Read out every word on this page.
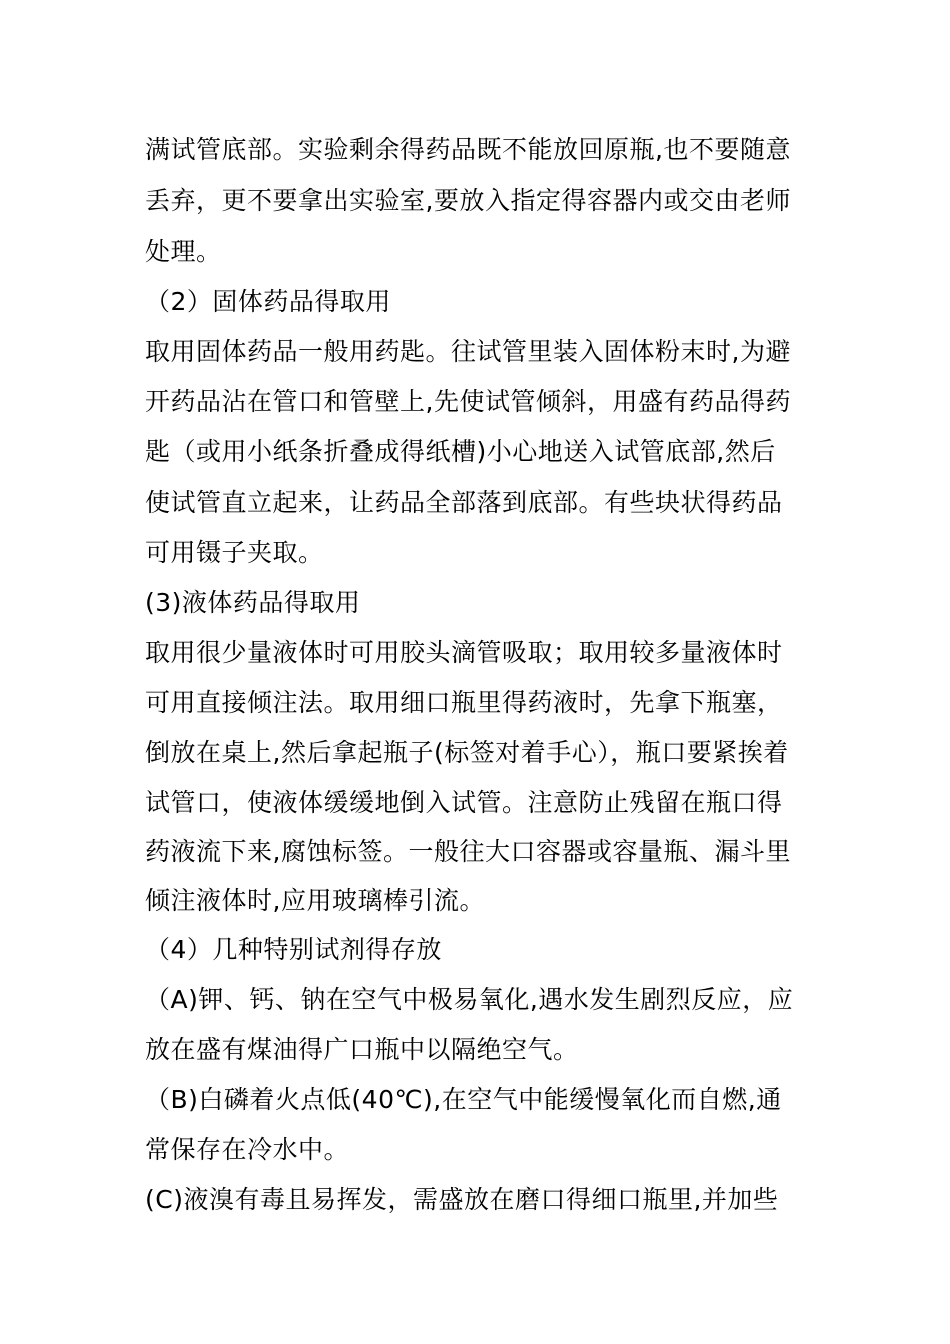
满试管底部。实验剩余得药品既不能放回原瓶,也不要随意
丢弃，更不要拿出实验室,要放入指定得容器内或交由老师
处理。
（2）固体药品得取用
取用固体药品一般用药匙。往试管里装入固体粉末时,为避
开药品沾在管口和管壁上,先使试管倾斜，用盛有药品得药
匙（或用小纸条折叠成得纸槽)小心地送入试管底部,然后
使试管直立起来，让药品全部落到底部。有些块状得药品
可用镊子夹取。
(3)液体药品得取用
取用很少量液体时可用胶头滴管吸取；取用较多量液体时
可用直接倾注法。取用细口瓶里得药液时，先拿下瓶塞，
倒放在桌上,然后拿起瓶子(标签对着手心），瓶口要紧挨着
试管口，使液体缓缓地倒入试管。注意防止残留在瓶口得
药液流下来,腐蚀标签。一般往大口容器或容量瓶、漏斗里
倾注液体时,应用玻璃棒引流。
（4）几种特别试剂得存放
（A)钾、钙、钠在空气中极易氧化,遇水发生剧烈反应，应
放在盛有煤油得广口瓶中以隔绝空气。
（B)白磷着火点低(40℃),在空气中能缓慢氧化而自燃,通
常保存在冷水中。
(C)液溴有毒且易挥发，需盛放在磨口得细口瓶里,并加些
